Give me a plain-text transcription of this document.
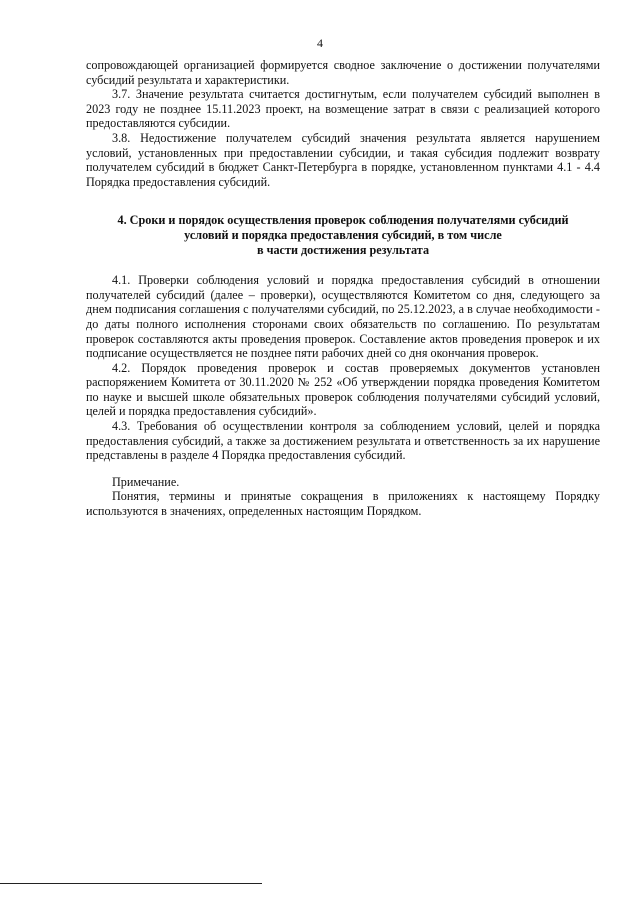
4

сопровождающей организацией формируется сводное заключение о достижении получателями субсидий результата и характеристики.

3.7. Значение результата считается достигнутым, если получателем субсидий выполнен в 2023 году не позднее 15.11.2023 проект, на возмещение затрат в связи с реализацией которого предоставляются субсидии.

3.8. Недостижение получателем субсидий значения результата является нарушением условий, установленных при предоставлении субсидии, и такая субсидия подлежит возврату получателем субсидий в бюджет Санкт-Петербурга в порядке, установленном пунктами 4.1 - 4.4 Порядка предоставления субсидий.

4. Сроки и порядок осуществления проверок соблюдения получателями субсидий

условий и порядка предоставления субсидий, в том числе

в части достижения результата

4.1. Проверки соблюдения условий и порядка предоставления субсидий в отношении получателей субсидий (далее – проверки), осуществляются Комитетом со дня, следующего за днем подписания соглашения с получателями субсидий, по 25.12.2023, а в случае необходимости - до даты полного исполнения сторонами своих обязательств по соглашению. По результатам проверок составляются акты проведения проверок. Составление актов проведения проверок и их подписание осуществляется не позднее пяти рабочих дней со дня окончания проверок.

4.2. Порядок проведения проверок и состав проверяемых документов установлен распоряжением Комитета от 30.11.2020 № 252 «Об утверждении порядка проведения Комитетом по науке и высшей школе обязательных проверок соблюдения получателями субсидий условий, целей и порядка предоставления субсидий».

4.3. Требования об осуществлении контроля за соблюдением условий, целей и порядка предоставления субсидий, а также за достижением результата и ответственность за их нарушение представлены в разделе 4 Порядка предоставления субсидий.

Примечание.

Понятия, термины и принятые сокращения в приложениях к настоящему Порядку используются в значениях, определенных настоящим Порядком.
